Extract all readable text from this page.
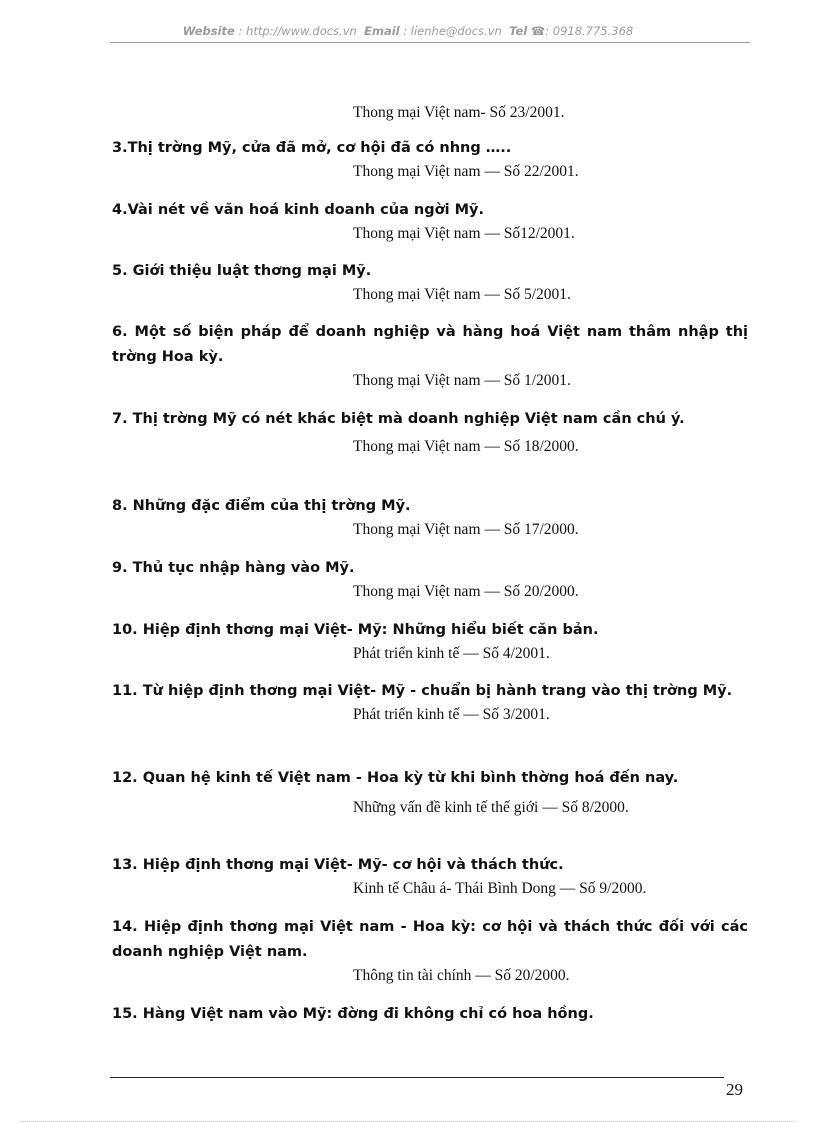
Website : http://www.docs.vn Email : lienhe@docs.vn Tel ☎: 0918.775.368
Thong mại Việt nam- Số 23/2001.
3.Thị trờng Mỹ, cửa đã mở, cơ hội đã có nhng …..
Thong mại Việt nam — Số 22/2001.
4.Vài nét về văn hoá kinh doanh của ngời Mỹ.
Thong mại Việt nam — Số12/2001.
5. Giới thiệu luật thơng mại Mỹ.
Thong mại Việt nam — Số 5/2001.
6. Một số biện pháp để doanh nghiệp và hàng hoá Việt nam thâm nhập thị trờng Hoa kỳ.
Thong mại Việt nam — Số 1/2001.
7. Thị trờng Mỹ có nét khác biệt mà doanh nghiệp Việt nam cần chú ý.
Thong mại Việt nam — Số 18/2000.
8. Những đặc điểm của thị trờng Mỹ.
Thong mại Việt nam — Số 17/2000.
9. Thủ tục nhập hàng vào Mỹ.
Thong mại Việt nam — Số 20/2000.
10. Hiệp định thơng mại Việt- Mỹ: Những hiểu biết căn bản.
Phát triển kinh tế — Số 4/2001.
11. Từ hiệp định thơng mại Việt- Mỹ - chuẩn bị hành trang vào thị trờng Mỹ.
Phát triển kinh tế — Số 3/2001.
12. Quan hệ kinh tế Việt nam - Hoa kỳ từ khi bình thờng hoá đến nay.
Những vấn đề kinh tế thế giới — Số 8/2000.
13. Hiệp định thơng mại Việt- Mỹ- cơ hội và thách thức.
Kinh tế Châu á- Thái Bình Dong — Số 9/2000.
14. Hiệp định thơng mại Việt nam - Hoa kỳ: cơ hội và thách thức đối với các doanh nghiệp Việt nam.
Thông tin tài chính — Số 20/2000.
15. Hàng Việt nam vào Mỹ: đờng đi không chỉ có hoa hồng.
29
